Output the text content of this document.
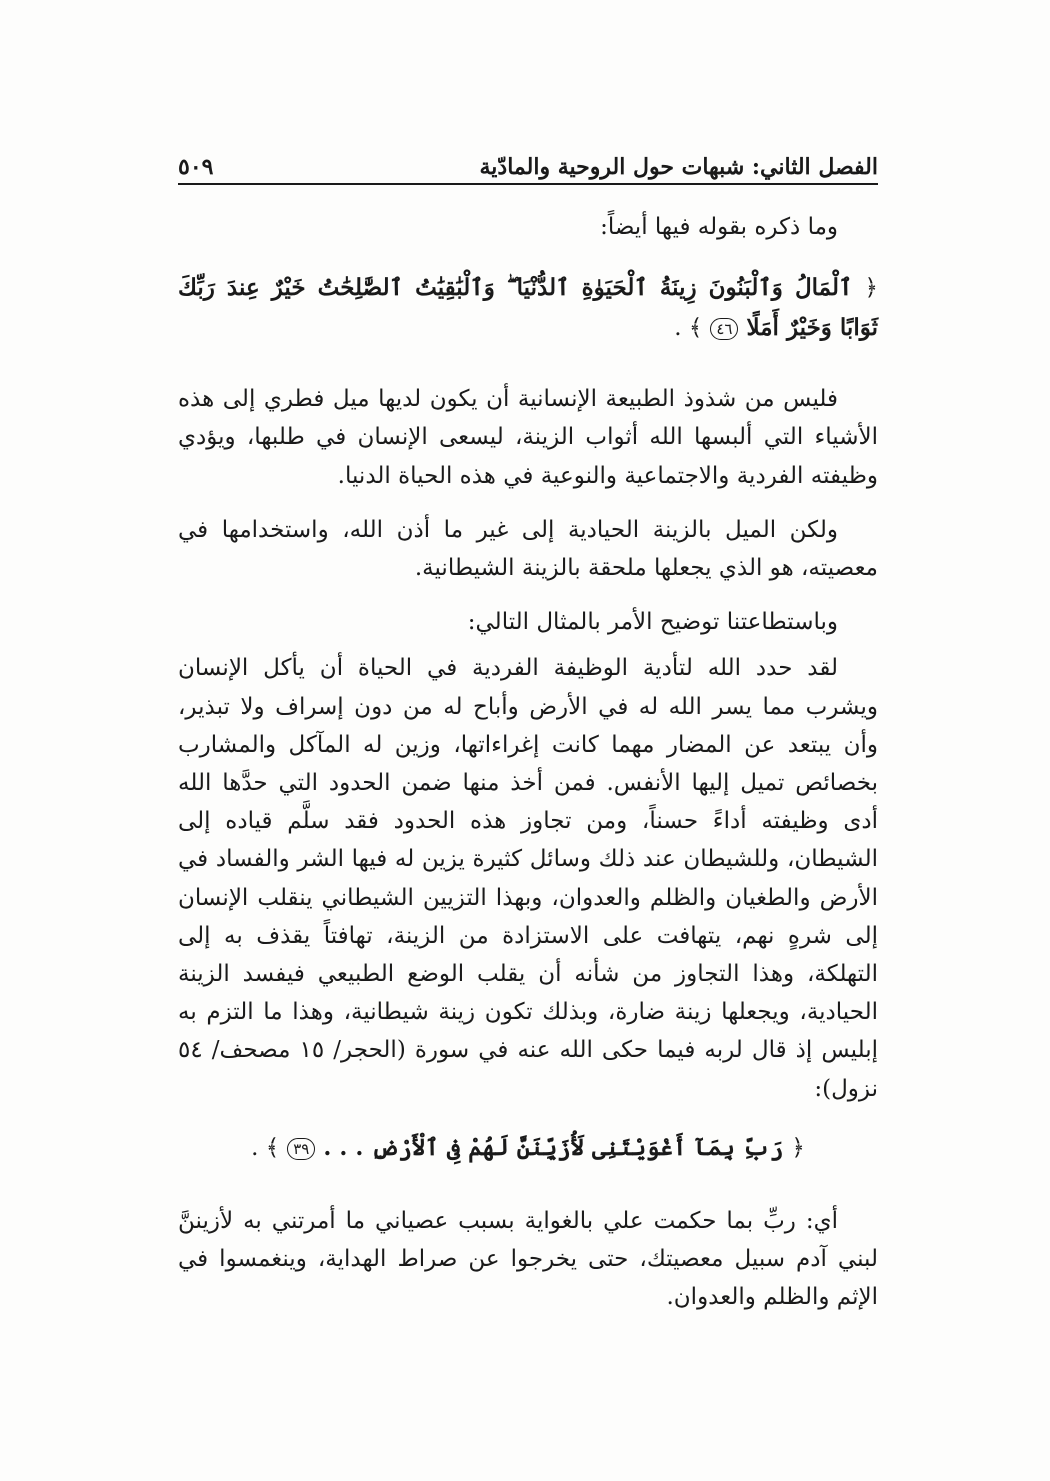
الفصل الثاني: شبهات حول الروحية والمادّية
٥٠٩

وما ذكره بقوله فيها أيضاً:

﴿ ٱلْمَالُ وَٱلْبَنُونَ زِينَةُ ٱلْحَيَوٰةِ ٱلدُّنْيَا ۖ وَٱلْبَٰقِيَٰتُ ٱلصَّٰلِحَٰتُ خَيْرٌ عِندَ رَبِّكَ ثَوَابًا وَخَيْرٌ أَمَلًا ٤٦ ﴾ .

فليس من شذوذ الطبيعة الإنسانية أن يكون لديها ميل فطري إلى هذه الأشياء التي ألبسها الله أثواب الزينة، ليسعى الإنسان في طلبها، ويؤدي وظيفته الفردية والاجتماعية والنوعية في هذه الحياة الدنيا.

ولكن الميل بالزينة الحيادية إلى غير ما أذن الله، واستخدامها في معصيته، هو الذي يجعلها ملحقة بالزينة الشيطانية.

وباستطاعتنا توضيح الأمر بالمثال التالي:

لقد حدد الله لتأدية الوظيفة الفردية في الحياة أن يأكل الإنسان ويشرب مما يسر الله له في الأرض وأباح له من دون إسراف ولا تبذير، وأن يبتعد عن المضار مهما كانت إغراءاتها، وزين له المآكل والمشارب بخصائص تميل إليها الأنفس. فمن أخذ منها ضمن الحدود التي حدَّها الله أدى وظيفته أداءً حسناً، ومن تجاوز هذه الحدود فقد سلَّم قياده إلى الشيطان، وللشيطان عند ذلك وسائل كثيرة يزين له فيها الشر والفساد في الأرض والطغيان والظلم والعدوان، وبهذا التزيين الشيطاني ينقلب الإنسان إلى شرهٍ نهم، يتهافت على الاستزادة من الزينة، تهافتاً يقذف به إلى التهلكة، وهذا التجاوز من شأنه أن يقلب الوضع الطبيعي فيفسد الزينة الحيادية، ويجعلها زينة ضارة، وبذلك تكون زينة شيطانية، وهذا ما التزم به إبليس إذ قال لربه فيما حكى الله عنه في سورة (الحجر/ ١٥ مصحف/ ٥٤ نزول):

﴿ رَبِّ بِمَآ أَغْوَيْتَنِى لَأُزَيِّنَنَّ لَهُمْ فِى ٱلْأَرْضِ . . . ٣٩ ﴾ .

أي: ربِّ بما حكمت علي بالغواية بسبب عصياني ما أمرتني به لأزيننَّ لبني آدم سبيل معصيتك، حتى يخرجوا عن صراط الهداية، وينغمسوا في الإثم والظلم والعدوان.
